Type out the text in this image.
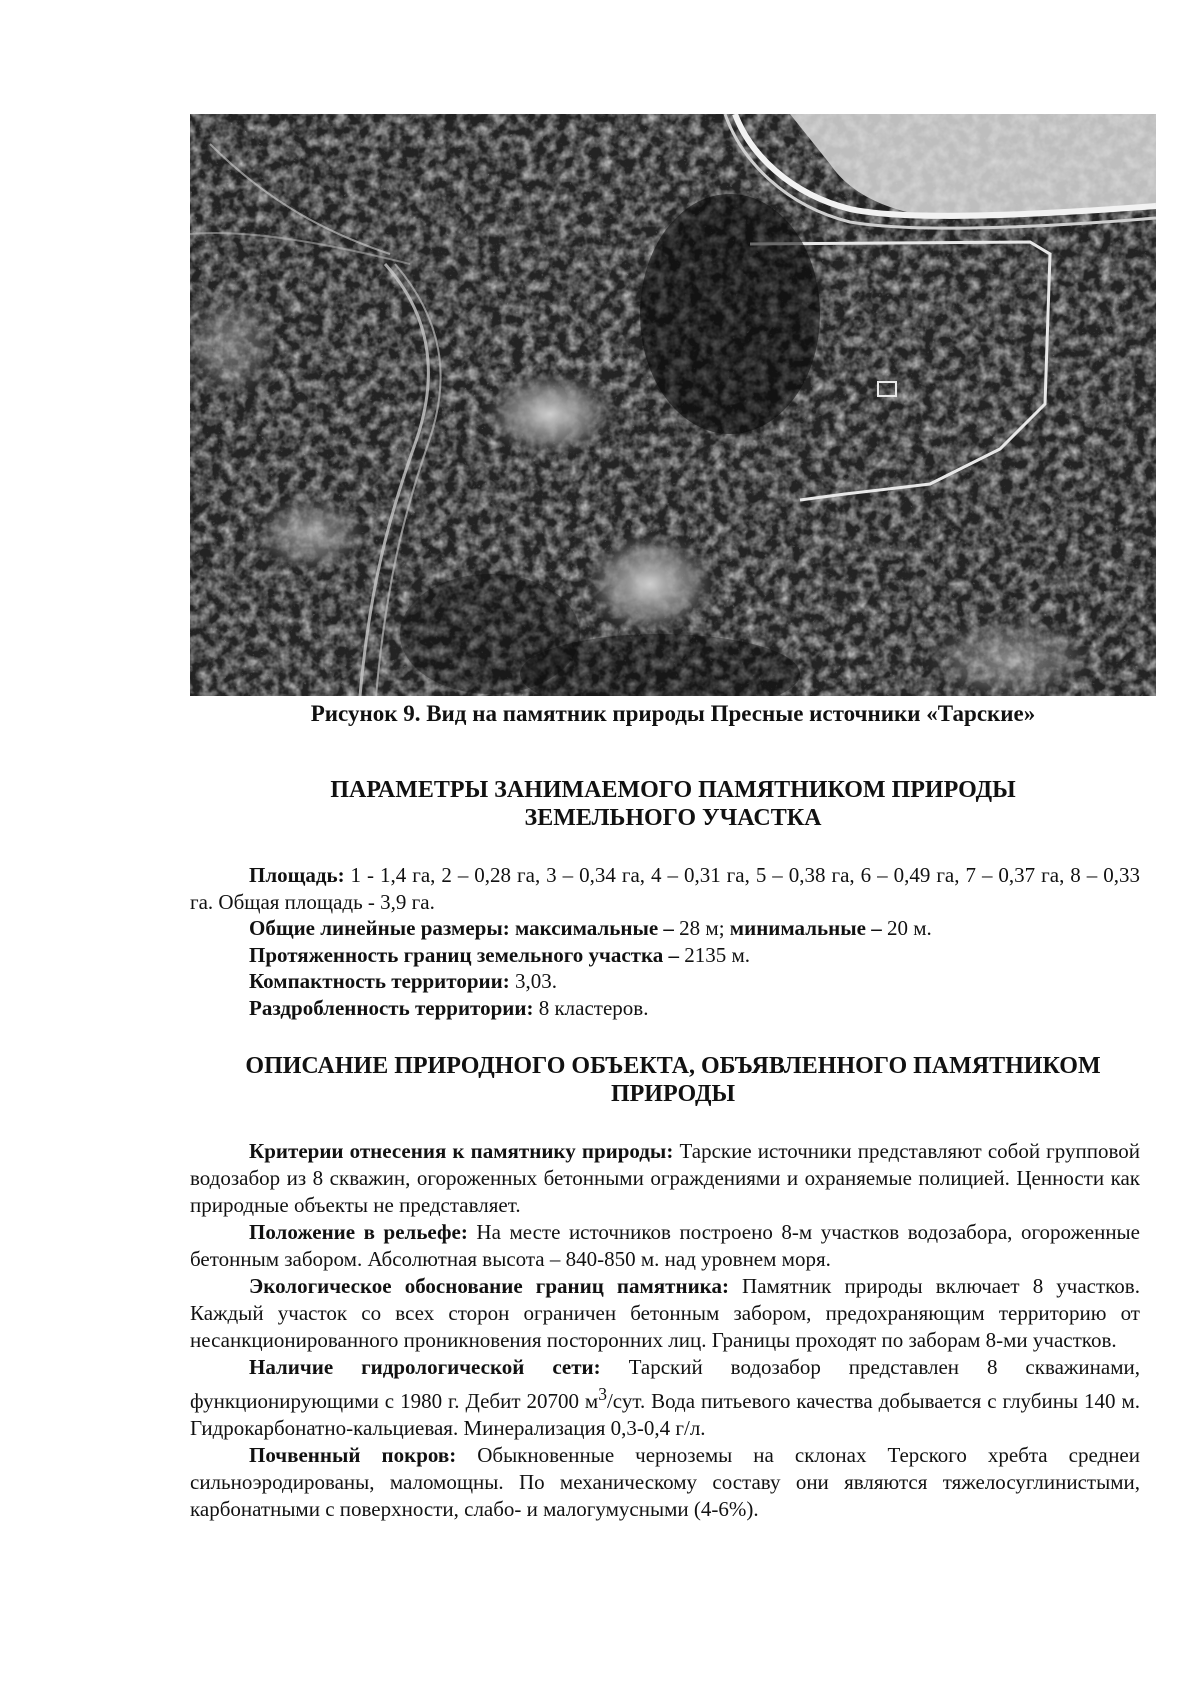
Рисунок 9. Вид на памятник природы Пресные источники «Тарские»
ПАРАМЕТРЫ ЗАНИМАЕМОГО ПАМЯТНИКОМ ПРИРОДЫ
ЗЕМЕЛЬНОГО УЧАСТКА

Площадь: 1 - 1,4 га, 2 – 0,28 га, 3 – 0,34 га, 4 – 0,31 га, 5 – 0,38 га, 6 – 0,49 га, 7 – 0,37 га, 8 – 0,33 га. Общая площадь - 3,9 га.

Общие линейные размеры: максимальные – 28 м; минимальные – 20 м.

Протяженность границ земельного участка – 2135 м.

Компактность территории: 3,03.

Раздробленность территории: 8 кластеров.

ОПИСАНИЕ ПРИРОДНОГО ОБЪЕКТА, ОБЪЯВЛЕННОГО ПАМЯТНИКОМ
ПРИРОДЫ

Критерии отнесения к памятнику природы: Тарские источники представляют собой групповой водозабор из 8 скважин, огороженных бетонными ограждениями и охраняемые полицией. Ценности как природные объекты не представляет.

Положение в рельефе: На месте источников построено 8-м участков водозабора, огороженные бетонным забором. Абсолютная высота – 840-850 м. над уровнем моря.

Экологическое обоснование границ памятника: Памятник природы включает 8 участков. Каждый участок со всех сторон ограничен бетонным забором, предохраняющим территорию от несанкционированного проникновения посторонних лиц. Границы проходят по заборам 8-ми участков.

Наличие гидрологической сети: Тарский водозабор представлен 8 скважинами, функционирующими с 1980 г. Дебит 20700 $м^3$/сут. Вода питьевого качества добывается с глубины 140 м. Гидрокарбонатно-кальциевая. Минерализация 0,3-0,4 г/л.

Почвенный покров: Обыкновенные черноземы на склонах Терского хребта среднеи сильноэродированы, маломощны. По механическому составу они являются тяжелосуглинистыми, карбонатными с поверхности, слабо- и малогумусными (4-6%).
